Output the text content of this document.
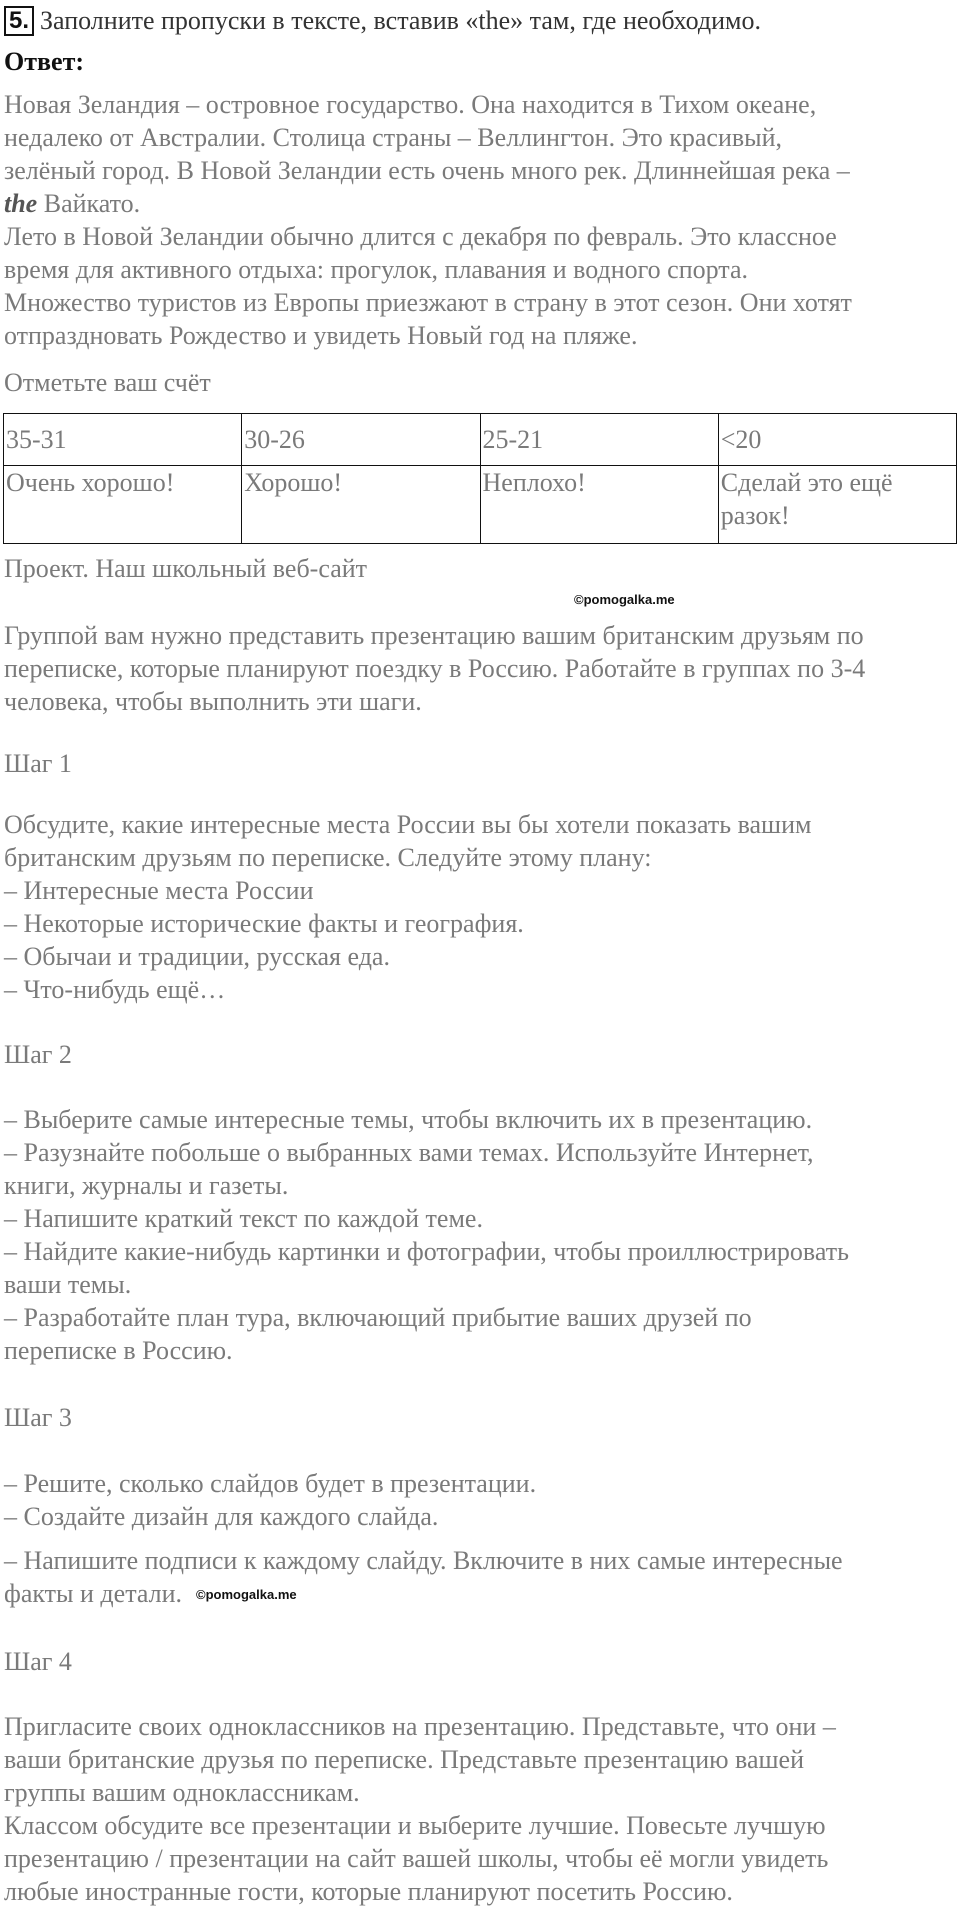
5. Заполните пропуски в тексте, вставив «the» там, где необходимо.
Ответ:

Новая Зеландия – островное государство. Она находится в Тихом океане,

недалеко от Австралии. Столица страны – Веллингтон. Это красивый,

зелёный город. В Новой Зеландии есть очень много рек. Длиннейшая река –

the Вайкато.

Лето в Новой Зеландии обычно длится с декабря по февраль. Это классное

время для активного отдыха: прогулок, плавания и водного спорта.

Множество туристов из Европы приезжают в страну в этот сезон. Они хотят

отпраздновать Рождество и увидеть Новый год на пляже.

Отметьте ваш счёт
35-31	30-26	25-21	<20
Очень хорошо!	Хорошо!	Неплохо!	Сделай это ещё разок!
Проект. Наш школьный веб-сайт
©pomogalka.me

Группой вам нужно представить презентацию вашим британским друзьям по

переписке, которые планируют поездку в Россию. Работайте в группах по 3-4

человека, чтобы выполнить эти шаги.

Шаг 1

Обсудите, какие интересные места России вы бы хотели показать вашим

британским друзьям по переписке. Следуйте этому плану:

– Интересные места России

– Некоторые исторические факты и география.

– Обычаи и традиции, русская еда.

– Что-нибудь ещё…

Шаг 2

– Выберите самые интересные темы, чтобы включить их в презентацию.

– Разузнайте побольше о выбранных вами темах. Используйте Интернет,

книги, журналы и газеты.

– Напишите краткий текст по каждой теме.

– Найдите какие-нибудь картинки и фотографии, чтобы проиллюстрировать

ваши темы.

– Разработайте план тура, включающий прибытие ваших друзей по

переписке в Россию.

Шаг 3

– Решите, сколько слайдов будет в презентации.

– Создайте дизайн для каждого слайда.

– Напишите подписи к каждому слайду. Включите в них самые интересные

факты и детали. ©pomogalka.me

Шаг 4

Пригласите своих одноклассников на презентацию. Представьте, что они –

ваши британские друзья по переписке. Представьте презентацию вашей

группы вашим одноклассникам.

Классом обсудите все презентации и выберите лучшие. Повесьте лучшую

презентацию / презентации на сайт вашей школы, чтобы её могли увидеть

любые иностранные гости, которые планируют посетить Россию.
